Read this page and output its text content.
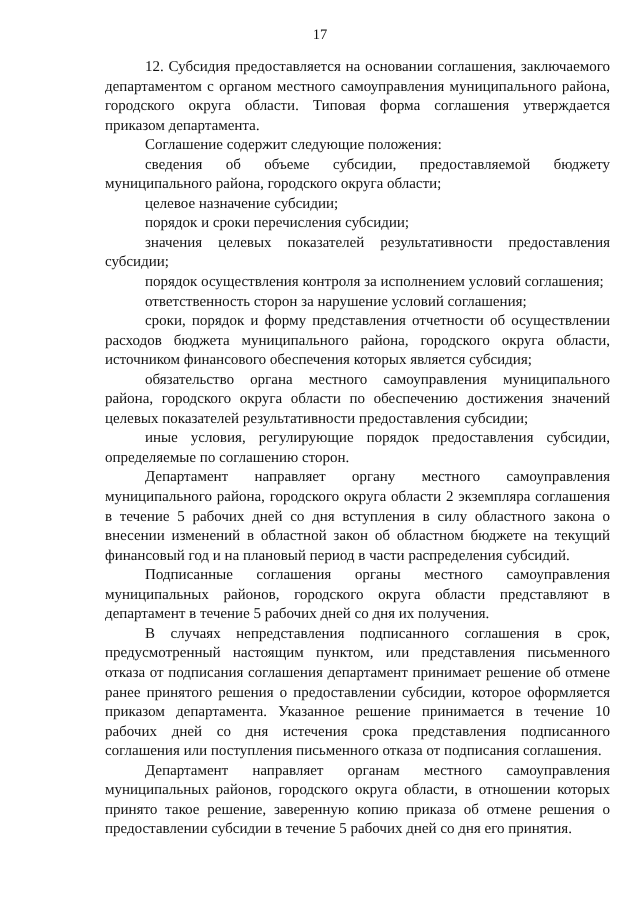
17

12. Субсидия предоставляется на основании соглашения, заключаемого департаментом с органом местного самоуправления муниципального района, городского округа области. Типовая форма соглашения утверждается приказом департамента.

Соглашение содержит следующие положения:

сведения об объеме субсидии, предоставляемой бюджету муниципального района, городского округа области;

целевое назначение субсидии;

порядок и сроки перечисления субсидии;

значения целевых показателей результативности предоставления субсидии;

порядок осуществления контроля за исполнением условий соглашения;

ответственность сторон за нарушение условий соглашения;

сроки, порядок и форму представления отчетности об осуществлении расходов бюджета муниципального района, городского округа области, источником финансового обеспечения которых является субсидия;

обязательство органа местного самоуправления муниципального района, городского округа области по обеспечению достижения значений целевых показателей результативности предоставления субсидии;

иные условия, регулирующие порядок предоставления субсидии, определяемые по соглашению сторон.

Департамент направляет органу местного самоуправления муниципального района, городского округа области 2 экземпляра соглашения в течение 5 рабочих дней со дня вступления в силу областного закона о внесении изменений в областной закон об областном бюджете на текущий финансовый год и на плановый период в части распределения субсидий.

Подписанные соглашения органы местного самоуправления муниципальных районов, городского округа области представляют в департамент в течение 5 рабочих дней со дня их получения.

В случаях непредставления подписанного соглашения в срок, предусмотренный настоящим пунктом, или представления письменного отказа от подписания соглашения департамент принимает решение об отмене ранее принятого решения о предоставлении субсидии, которое оформляется приказом департамента. Указанное решение принимается в течение 10 рабочих дней со дня истечения срока представления подписанного соглашения или поступления письменного отказа от подписания соглашения.

Департамент направляет органам местного самоуправления муниципальных районов, городского округа области, в отношении которых принято такое решение, заверенную копию приказа об отмене решения о предоставлении субсидии в течение 5 рабочих дней со дня его принятия.
